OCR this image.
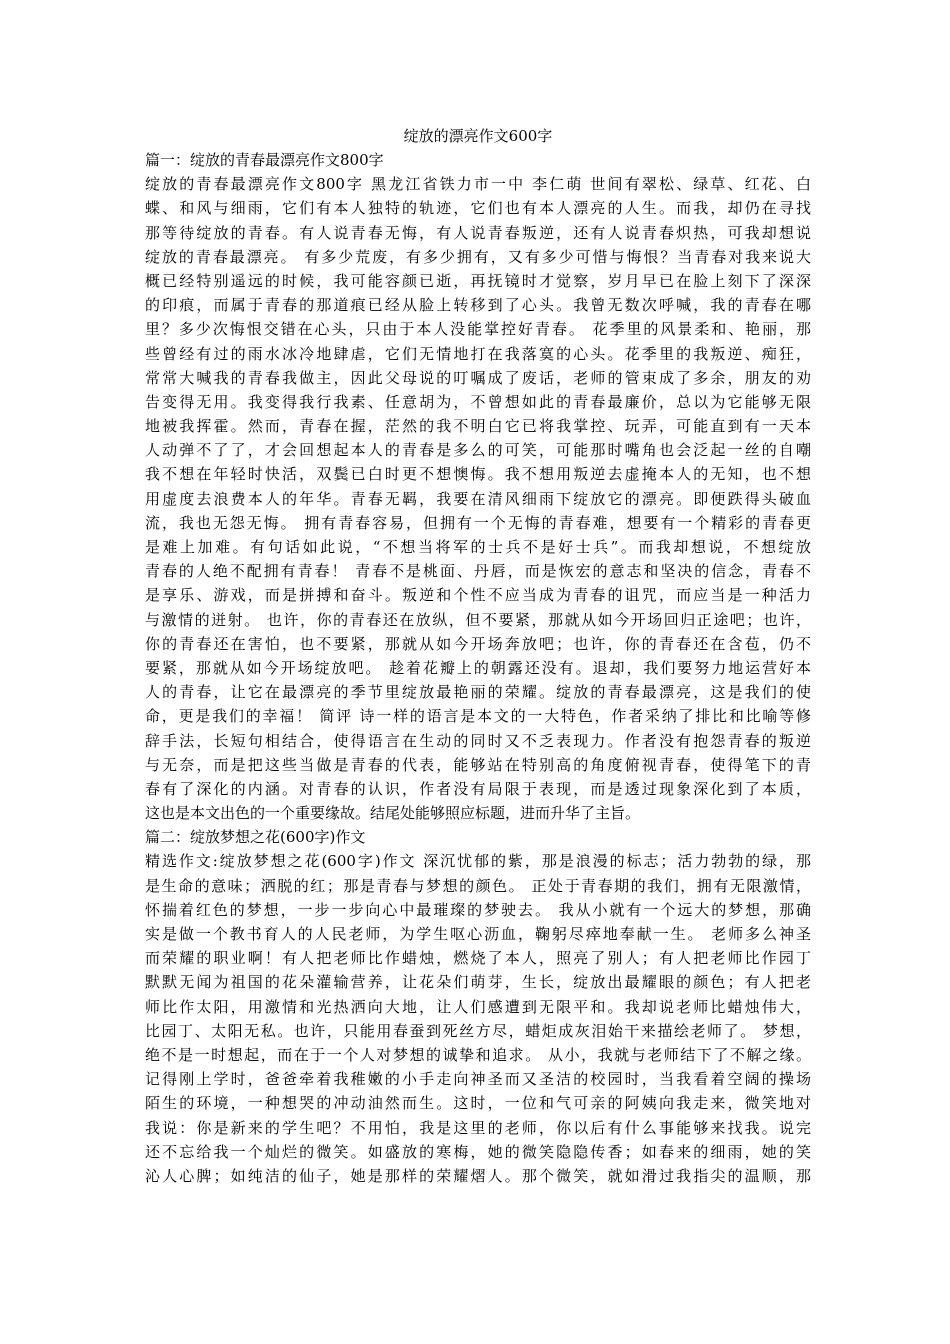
绽放的漂亮作文600字
篇一：绽放的青春最漂亮作文800字
绽放的青春最漂亮作文800字 黑龙江省铁力市一中 李仁萌 世间有翠松、绿草、红花、白
蝶、和风与细雨，它们有本人独特的轨迹，它们也有本人漂亮的人生。而我，却仍在寻找
那等待绽放的青春。有人说青春无悔，有人说青春叛逆，还有人说青春炽热，可我却想说
绽放的青春最漂亮。 有多少荒废，有多少拥有，又有多少可惜与悔恨？当青春对我来说大
概已经特别遥远的时候，我可能容颜已逝，再抚镜时才觉察，岁月早已在脸上刻下了深深
的印痕，而属于青春的那道痕已经从脸上转移到了心头。我曾无数次呼喊，我的青春在哪
里？多少次悔恨交错在心头，只由于本人没能掌控好青春。 花季里的风景柔和、艳丽，那
些曾经有过的雨水冰冷地肆虐，它们无情地打在我落寞的心头。花季里的我叛逆、痴狂，
常常大喊我的青春我做主，因此父母说的叮嘱成了废话，老师的管束成了多余，朋友的劝
告变得无用。我变得我行我素、任意胡为，不曾想如此的青春最廉价，总以为它能够无限
地被我挥霍。然而，青春在握，茫然的我不明白它已将我掌控、玩弄，可能直到有一天本
人动弹不了了，才会回想起本人的青春是多么的可笑，可能那时嘴角也会泛起一丝的自嘲
我不想在年轻时快活，双鬓已白时更不想懊悔。我不想用叛逆去虚掩本人的无知，也不想
用虚度去浪费本人的年华。青春无羁，我要在清风细雨下绽放它的漂亮。即便跌得头破血
流，我也无怨无悔。 拥有青春容易，但拥有一个无悔的青春难，想要有一个精彩的青春更
是难上加难。有句话如此说，“不想当将军的士兵不是好士兵”。而我却想说，不想绽放
青春的人绝不配拥有青春！ 青春不是桃面、丹唇，而是恢宏的意志和坚决的信念，青春不
是享乐、游戏，而是拼搏和奋斗。叛逆和个性不应当成为青春的诅咒，而应当是一种活力
与激情的迸射。 也许，你的青春还在放纵，但不要紧，那就从如今开场回归正途吧；也许，
你的青春还在害怕，也不要紧，那就从如今开场奔放吧；也许，你的青春还在含苞，仍不
要紧，那就从如今开场绽放吧。 趁着花瓣上的朝露还没有。退却，我们要努力地运营好本
人的青春，让它在最漂亮的季节里绽放最艳丽的荣耀。绽放的青春最漂亮，这是我们的使
命，更是我们的幸福！ 简评 诗一样的语言是本文的一大特色，作者采纳了排比和比喻等修
辞手法，长短句相结合，使得语言在生动的同时又不乏表现力。作者没有抱怨青春的叛逆
与无奈，而是把这些当做是青春的代表，能够站在特别高的角度俯视青春，使得笔下的青
春有了深化的内涵。对青春的认识，作者没有局限于表现，而是透过现象深化到了本质，
这也是本文出色的一个重要缘故。结尾处能够照应标题，进而升华了主旨。
篇二：绽放梦想之花(600字)作文
精选作文:绽放梦想之花(600字)作文 深沉忧郁的紫，那是浪漫的标志；活力勃勃的绿，那
是生命的意味；洒脱的红；那是青春与梦想的颜色。 正处于青春期的我们，拥有无限激情，
怀揣着红色的梦想，一步一步向心中最璀璨的梦驶去。 我从小就有一个远大的梦想，那确
实是做一个教书育人的人民老师，为学生呕心沥血，鞠躬尽瘁地奉献一生。 老师多么神圣
而荣耀的职业啊！有人把老师比作蜡烛，燃烧了本人，照亮了别人；有人把老师比作园丁
默默无闻为祖国的花朵灌输营养，让花朵们萌芽，生长，绽放出最耀眼的颜色；有人把老
师比作太阳，用激情和光热洒向大地，让人们感遭到无限平和。我却说老师比蜡烛伟大，
比园丁、太阳无私。也许，只能用春蚕到死丝方尽，蜡炬成灰泪始干来描绘老师了。 梦想，
绝不是一时想起，而在于一个人对梦想的诚挚和追求。 从小，我就与老师结下了不解之缘。
记得刚上学时，爸爸牵着我稚嫩的小手走向神圣而又圣洁的校园时，当我看着空阔的操场
陌生的环境，一种想哭的冲动油然而生。这时，一位和气可亲的阿姨向我走来，微笑地对
我说：你是新来的学生吧？不用怕，我是这里的老师，你以后有什么事能够来找我。说完
还不忘给我一个灿烂的微笑。如盛放的寒梅，她的微笑隐隐传香；如春来的细雨，她的笑
沁人心脾；如纯洁的仙子，她是那样的荣耀熠人。那个微笑，就如滑过我指尖的温顺，那
